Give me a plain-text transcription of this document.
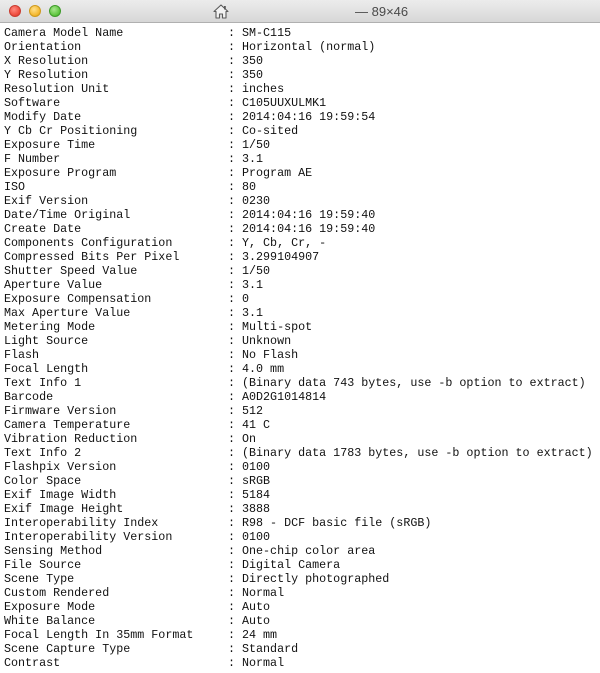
— 89×46
Camera Model Name	: SM-C115
Orientation	: Horizontal (normal)
X Resolution	: 350
Y Resolution	: 350
Resolution Unit	: inches
Software	: C105UUXULMK1
Modify Date	: 2014:04:16 19:59:54
Y Cb Cr Positioning	: Co-sited
Exposure Time	: 1/50
F Number	: 3.1
Exposure Program	: Program AE
ISO	: 80
Exif Version	: 0230
Date/Time Original	: 2014:04:16 19:59:40
Create Date	: 2014:04:16 19:59:40
Components Configuration	: Y, Cb, Cr, -
Compressed Bits Per Pixel	: 3.299104907
Shutter Speed Value	: 1/50
Aperture Value	: 3.1
Exposure Compensation	: 0
Max Aperture Value	: 3.1
Metering Mode	: Multi-spot
Light Source	: Unknown
Flash	: No Flash
Focal Length	: 4.0 mm
Text Info 1	: (Binary data 743 bytes, use -b option to extract)
Barcode	: A0D2G1014814
Firmware Version	: 512
Camera Temperature	: 41 C
Vibration Reduction	: On
Text Info 2	: (Binary data 1783 bytes, use -b option to extract)
Flashpix Version	: 0100
Color Space	: sRGB
Exif Image Width	: 5184
Exif Image Height	: 3888
Interoperability Index	: R98 - DCF basic file (sRGB)
Interoperability Version	: 0100
Sensing Method	: One-chip color area
File Source	: Digital Camera
Scene Type	: Directly photographed
Custom Rendered	: Normal
Exposure Mode	: Auto
White Balance	: Auto
Focal Length In 35mm Format	: 24 mm
Scene Capture Type	: Standard
Contrast	: Normal
